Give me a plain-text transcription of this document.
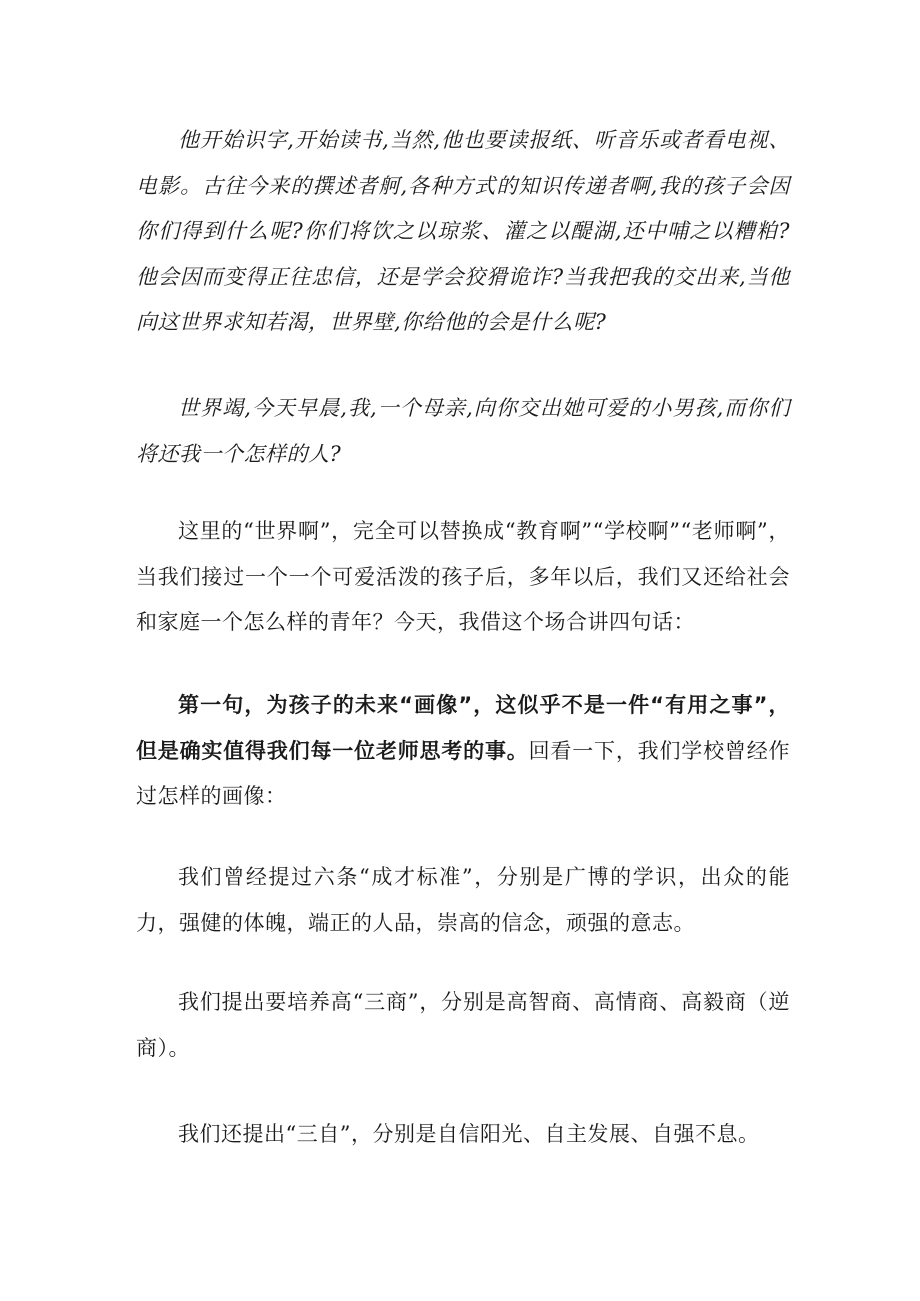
他开始识字,开始读书,当然,他也要读报纸、听音乐或者看电视、电影。古往今来的撰述者舸,各种方式的知识传递者啊,我的孩子会因你们得到什么呢?你们将饮之以琼浆、灌之以醍湖,还中哺之以糟粕?他会因而变得正往忠信，还是学会狡猾诡诈?当我把我的交出来,当他向这世界求知若渴，世界壁,你给他的会是什么呢?

世界竭,今天早晨,我,一个母亲,向你交出她可爱的小男孩,而你们将还我一个怎样的人?

这里的“世界啊”，完全可以替换成“教育啊”“学校啊”“老师啊”，当我们接过一个一个可爱活泼的孩子后，多年以后，我们又还给社会和家庭一个怎么样的青年？今天，我借这个场合讲四句话：

第一句，为孩子的未来“画像”，这似乎不是一件“有用之事”，但是确实值得我们每一位老师思考的事。回看一下，我们学校曾经作过怎样的画像：

我们曾经提过六条“成才标准”，分别是广博的学识，出众的能力，强健的体魄，端正的人品，崇高的信念，顽强的意志。

我们提出要培养高“三商”，分别是高智商、高情商、高毅商（逆商）。

我们还提出“三自”，分别是自信阳光、自主发展、自强不息。
